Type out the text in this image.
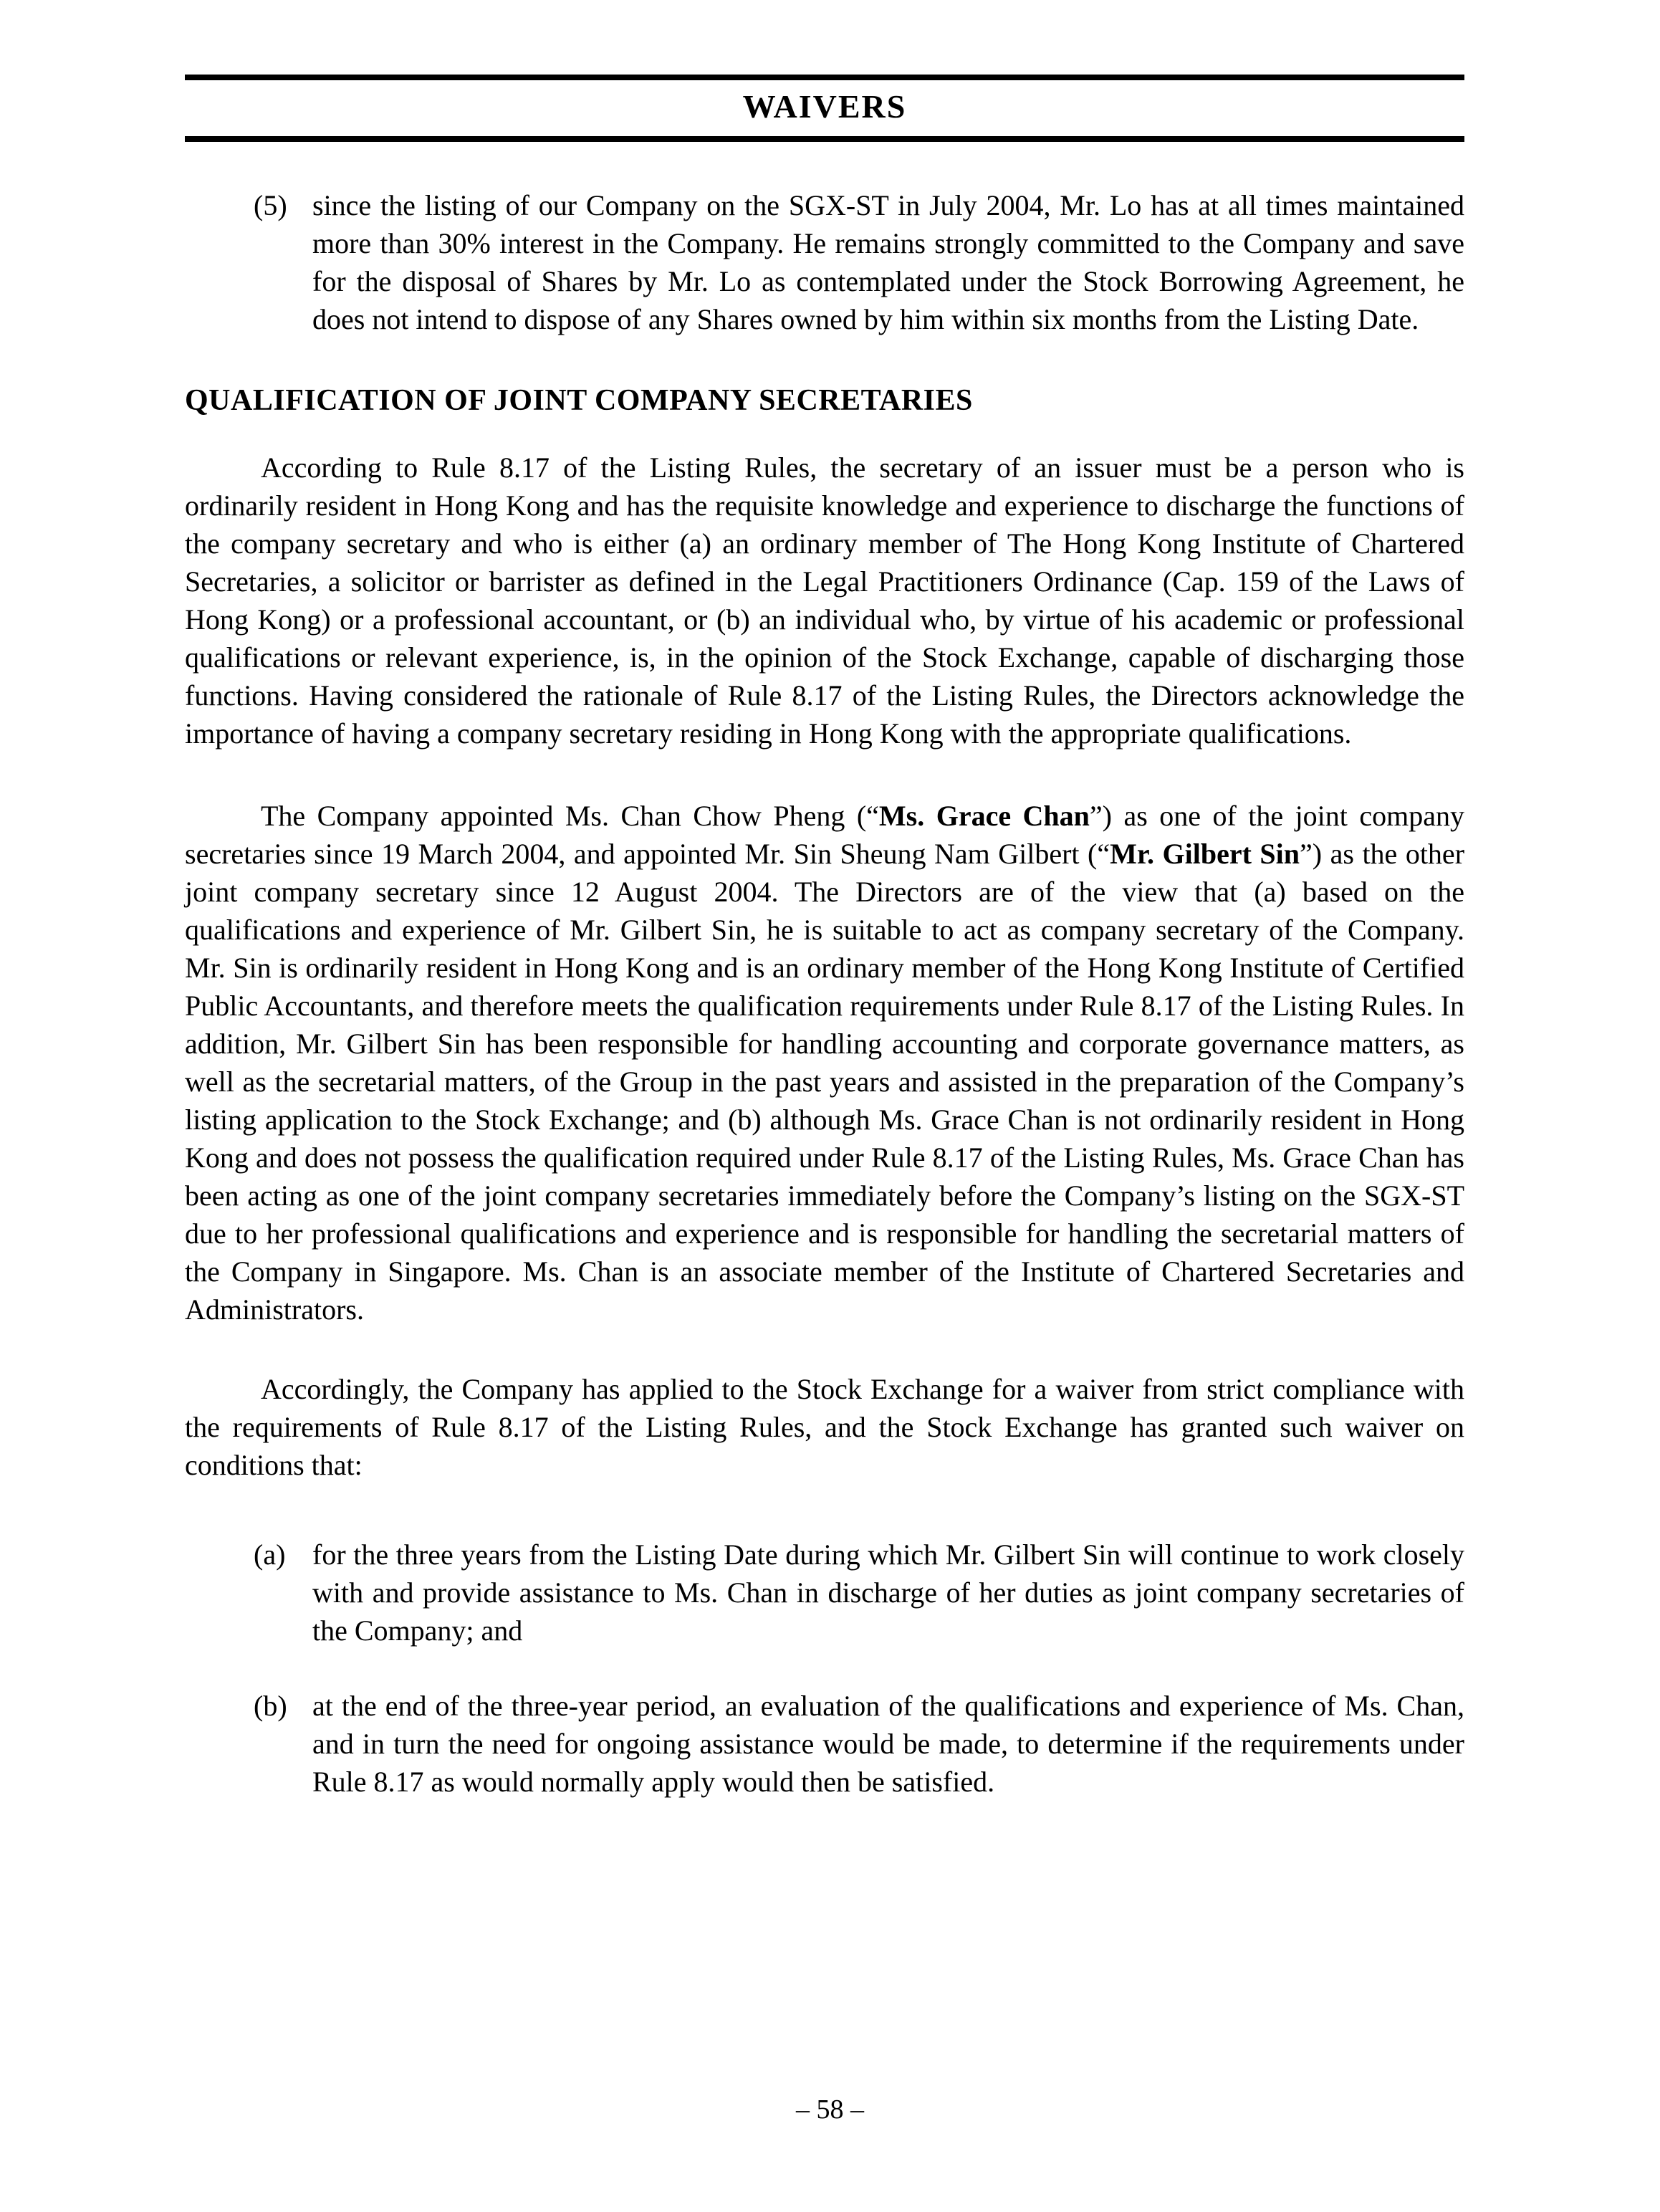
WAIVERS
(5) since the listing of our Company on the SGX-ST in July 2004, Mr. Lo has at all times maintained more than 30% interest in the Company. He remains strongly committed to the Company and save for the disposal of Shares by Mr. Lo as contemplated under the Stock Borrowing Agreement, he does not intend to dispose of any Shares owned by him within six months from the Listing Date.
QUALIFICATION OF JOINT COMPANY SECRETARIES

According to Rule 8.17 of the Listing Rules, the secretary of an issuer must be a person who is ordinarily resident in Hong Kong and has the requisite knowledge and experience to discharge the functions of the company secretary and who is either (a) an ordinary member of The Hong Kong Institute of Chartered Secretaries, a solicitor or barrister as defined in the Legal Practitioners Ordinance (Cap. 159 of the Laws of Hong Kong) or a professional accountant, or (b) an individual who, by virtue of his academic or professional qualifications or relevant experience, is, in the opinion of the Stock Exchange, capable of discharging those functions. Having considered the rationale of Rule 8.17 of the Listing Rules, the Directors acknowledge the importance of having a company secretary residing in Hong Kong with the appropriate qualifications.

The Company appointed Ms. Chan Chow Pheng (“Ms. Grace Chan”) as one of the joint company secretaries since 19 March 2004, and appointed Mr. Sin Sheung Nam Gilbert (“Mr. Gilbert Sin”) as the other joint company secretary since 12 August 2004. The Directors are of the view that (a) based on the qualifications and experience of Mr. Gilbert Sin, he is suitable to act as company secretary of the Company. Mr. Sin is ordinarily resident in Hong Kong and is an ordinary member of the Hong Kong Institute of Certified Public Accountants, and therefore meets the qualification requirements under Rule 8.17 of the Listing Rules. In addition, Mr. Gilbert Sin has been responsible for handling accounting and corporate governance matters, as well as the secretarial matters, of the Group in the past years and assisted in the preparation of the Company’s listing application to the Stock Exchange; and (b) although Ms. Grace Chan is not ordinarily resident in Hong Kong and does not possess the qualification required under Rule 8.17 of the Listing Rules, Ms. Grace Chan has been acting as one of the joint company secretaries immediately before the Company’s listing on the SGX-ST due to her professional qualifications and experience and is responsible for handling the secretarial matters of the Company in Singapore. Ms. Chan is an associate member of the Institute of Chartered Secretaries and Administrators.

Accordingly, the Company has applied to the Stock Exchange for a waiver from strict compliance with the requirements of Rule 8.17 of the Listing Rules, and the Stock Exchange has granted such waiver on conditions that:

(a) for the three years from the Listing Date during which Mr. Gilbert Sin will continue to work closely with and provide assistance to Ms. Chan in discharge of her duties as joint company secretaries of the Company; and
(b) at the end of the three-year period, an evaluation of the qualifications and experience of Ms. Chan, and in turn the need for ongoing assistance would be made, to determine if the requirements under Rule 8.17 as would normally apply would then be satisfied.
– 58 –
